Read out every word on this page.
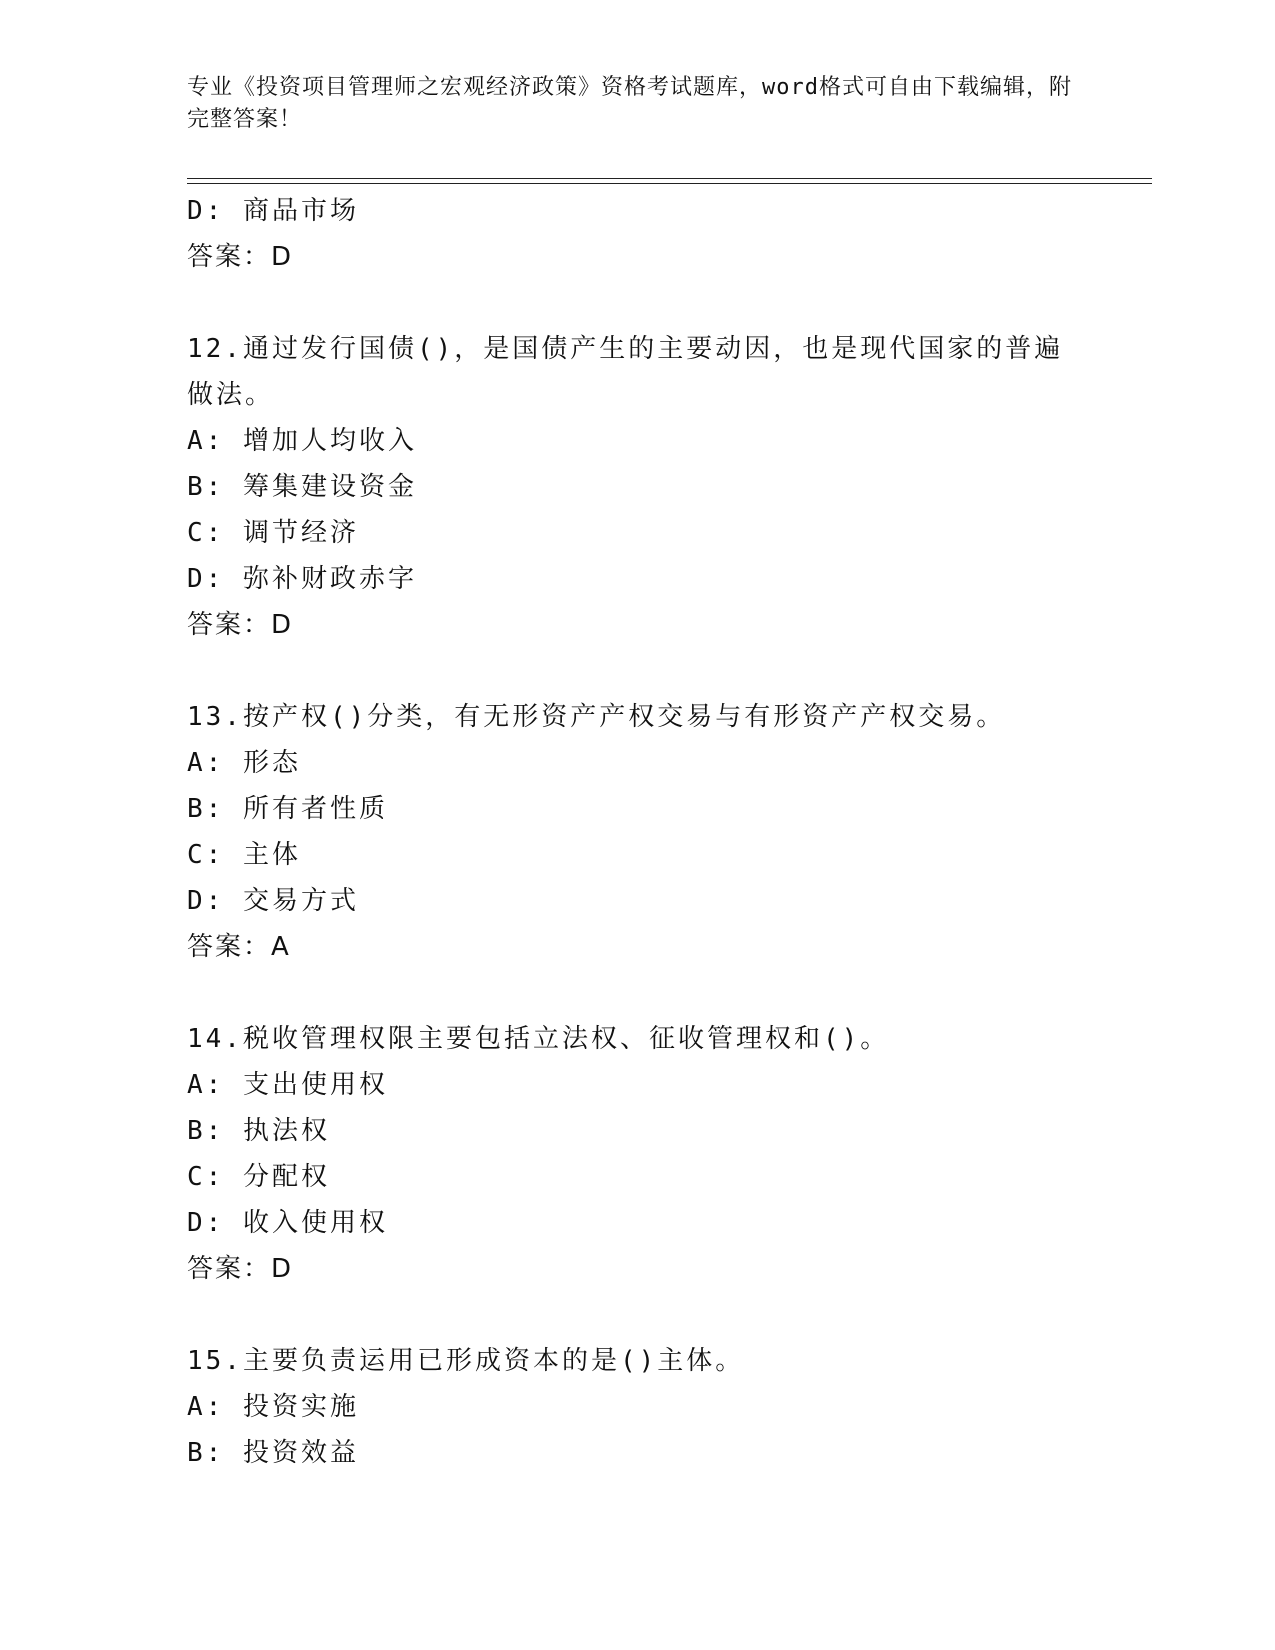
专业《投资项目管理师之宏观经济政策》资格考试题库，word格式可自由下载编辑，附完整答案！
D: 商品市场
答案：D
12.通过发行国债()，是国债产生的主要动因，也是现代国家的普遍做法。
A: 增加人均收入
B: 筹集建设资金
C: 调节经济
D: 弥补财政赤字
答案：D
13.按产权()分类，有无形资产产权交易与有形资产产权交易。
A: 形态
B: 所有者性质
C: 主体
D: 交易方式
答案：A
14.税收管理权限主要包括立法权、征收管理权和()。
A: 支出使用权
B: 执法权
C: 分配权
D: 收入使用权
答案：D
15.主要负责运用已形成资本的是()主体。
A: 投资实施
B: 投资效益
